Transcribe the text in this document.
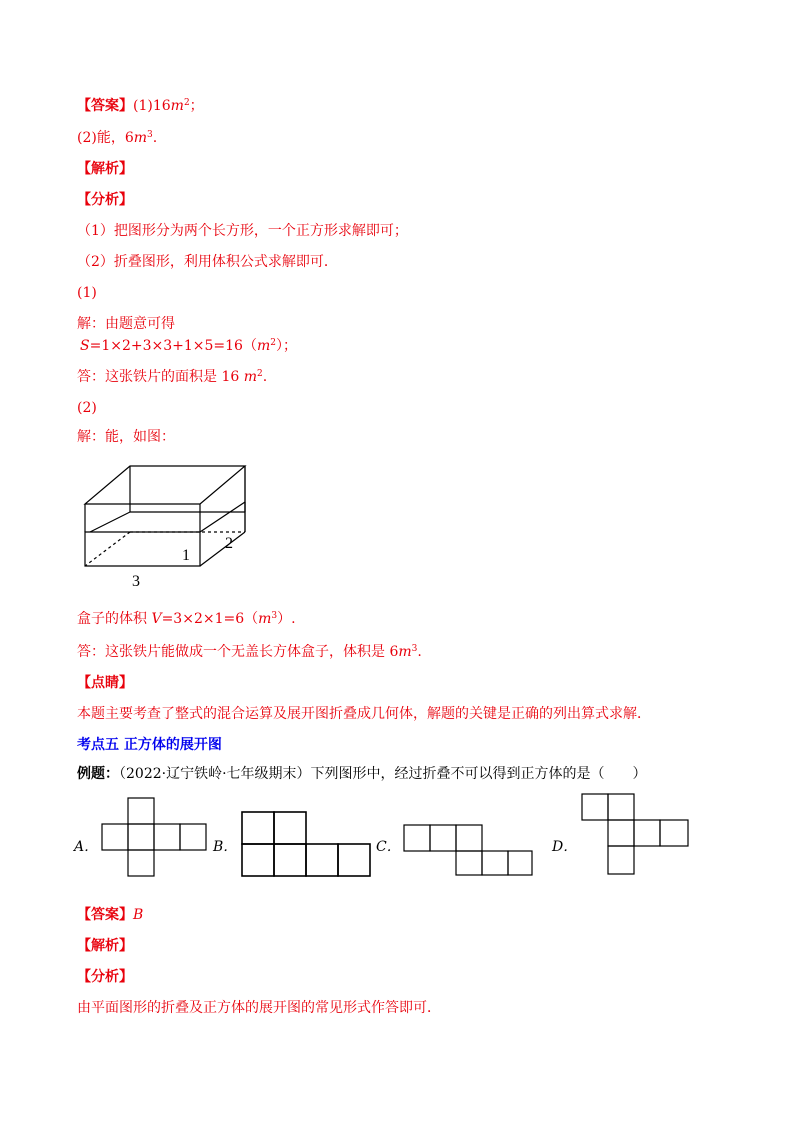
【答案】$(1)16m^2$；
(2)能，$6m^3$.
【解析】
【分析】
（1）把图形分为两个长方形，一个正方形求解即可；
（2）折叠图形，利用体积公式求解即可．
(1)
解：由题意可得
$S=1\times 2+3\times 3+1\times 5=16(m^2)$；
答：这张铁片的面积是 16 $m^2$.
(2)
解：能，如图：
1
2
3
盒子的体积 $V=3\times 2\times 1=6(m^3)$.
答：这张铁片能做成一个无盖长方体盒子，体积是 $6m^3$.
【点睛】
本题主要考查了整式的混合运算及展开图折叠成几何体，解题的关键是正确的列出算式求解．
考点五 正方体的展开图
例题：（2022·辽宁铁岭·七年级期末）下列图形中，经过折叠不可以得到正方体的是（　　）
A．	B．	C．	D．
【答案】B
【解析】
【分析】
由平面图形的折叠及正方体的展开图的常见形式作答即可．
